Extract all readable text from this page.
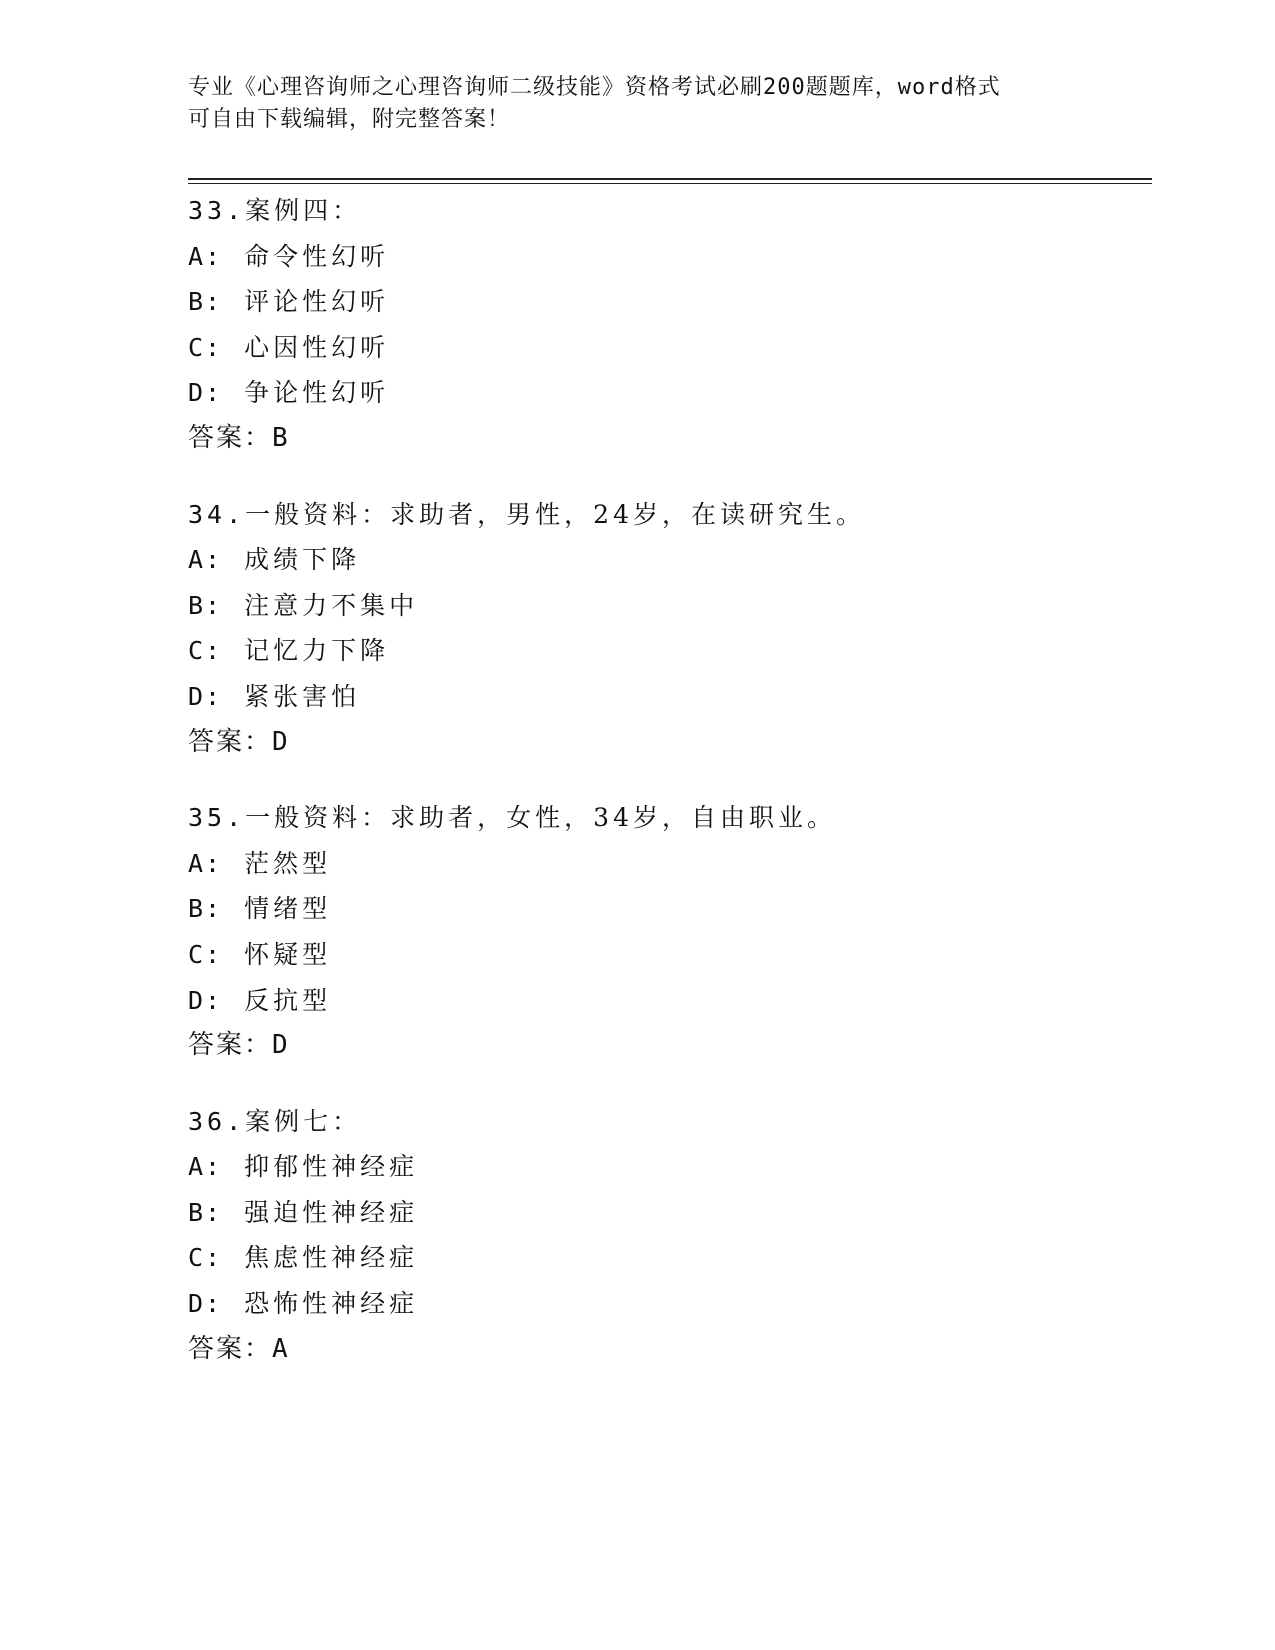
专业《心理咨询师之心理咨询师二级技能》资格考试必刷200题题库，word格式
可自由下载编辑，附完整答案！
33.案例四：
A: 命令性幻听
B: 评论性幻听
C: 心因性幻听
D: 争论性幻听
答案：B
34.一般资料：求助者，男性，24岁，在读研究生。
A: 成绩下降
B: 注意力不集中
C: 记忆力下降
D: 紧张害怕
答案：D
35.一般资料：求助者，女性，34岁，自由职业。
A: 茫然型
B: 情绪型
C: 怀疑型
D: 反抗型
答案：D
36.案例七：
A: 抑郁性神经症
B: 强迫性神经症
C: 焦虑性神经症
D: 恐怖性神经症
答案：A
